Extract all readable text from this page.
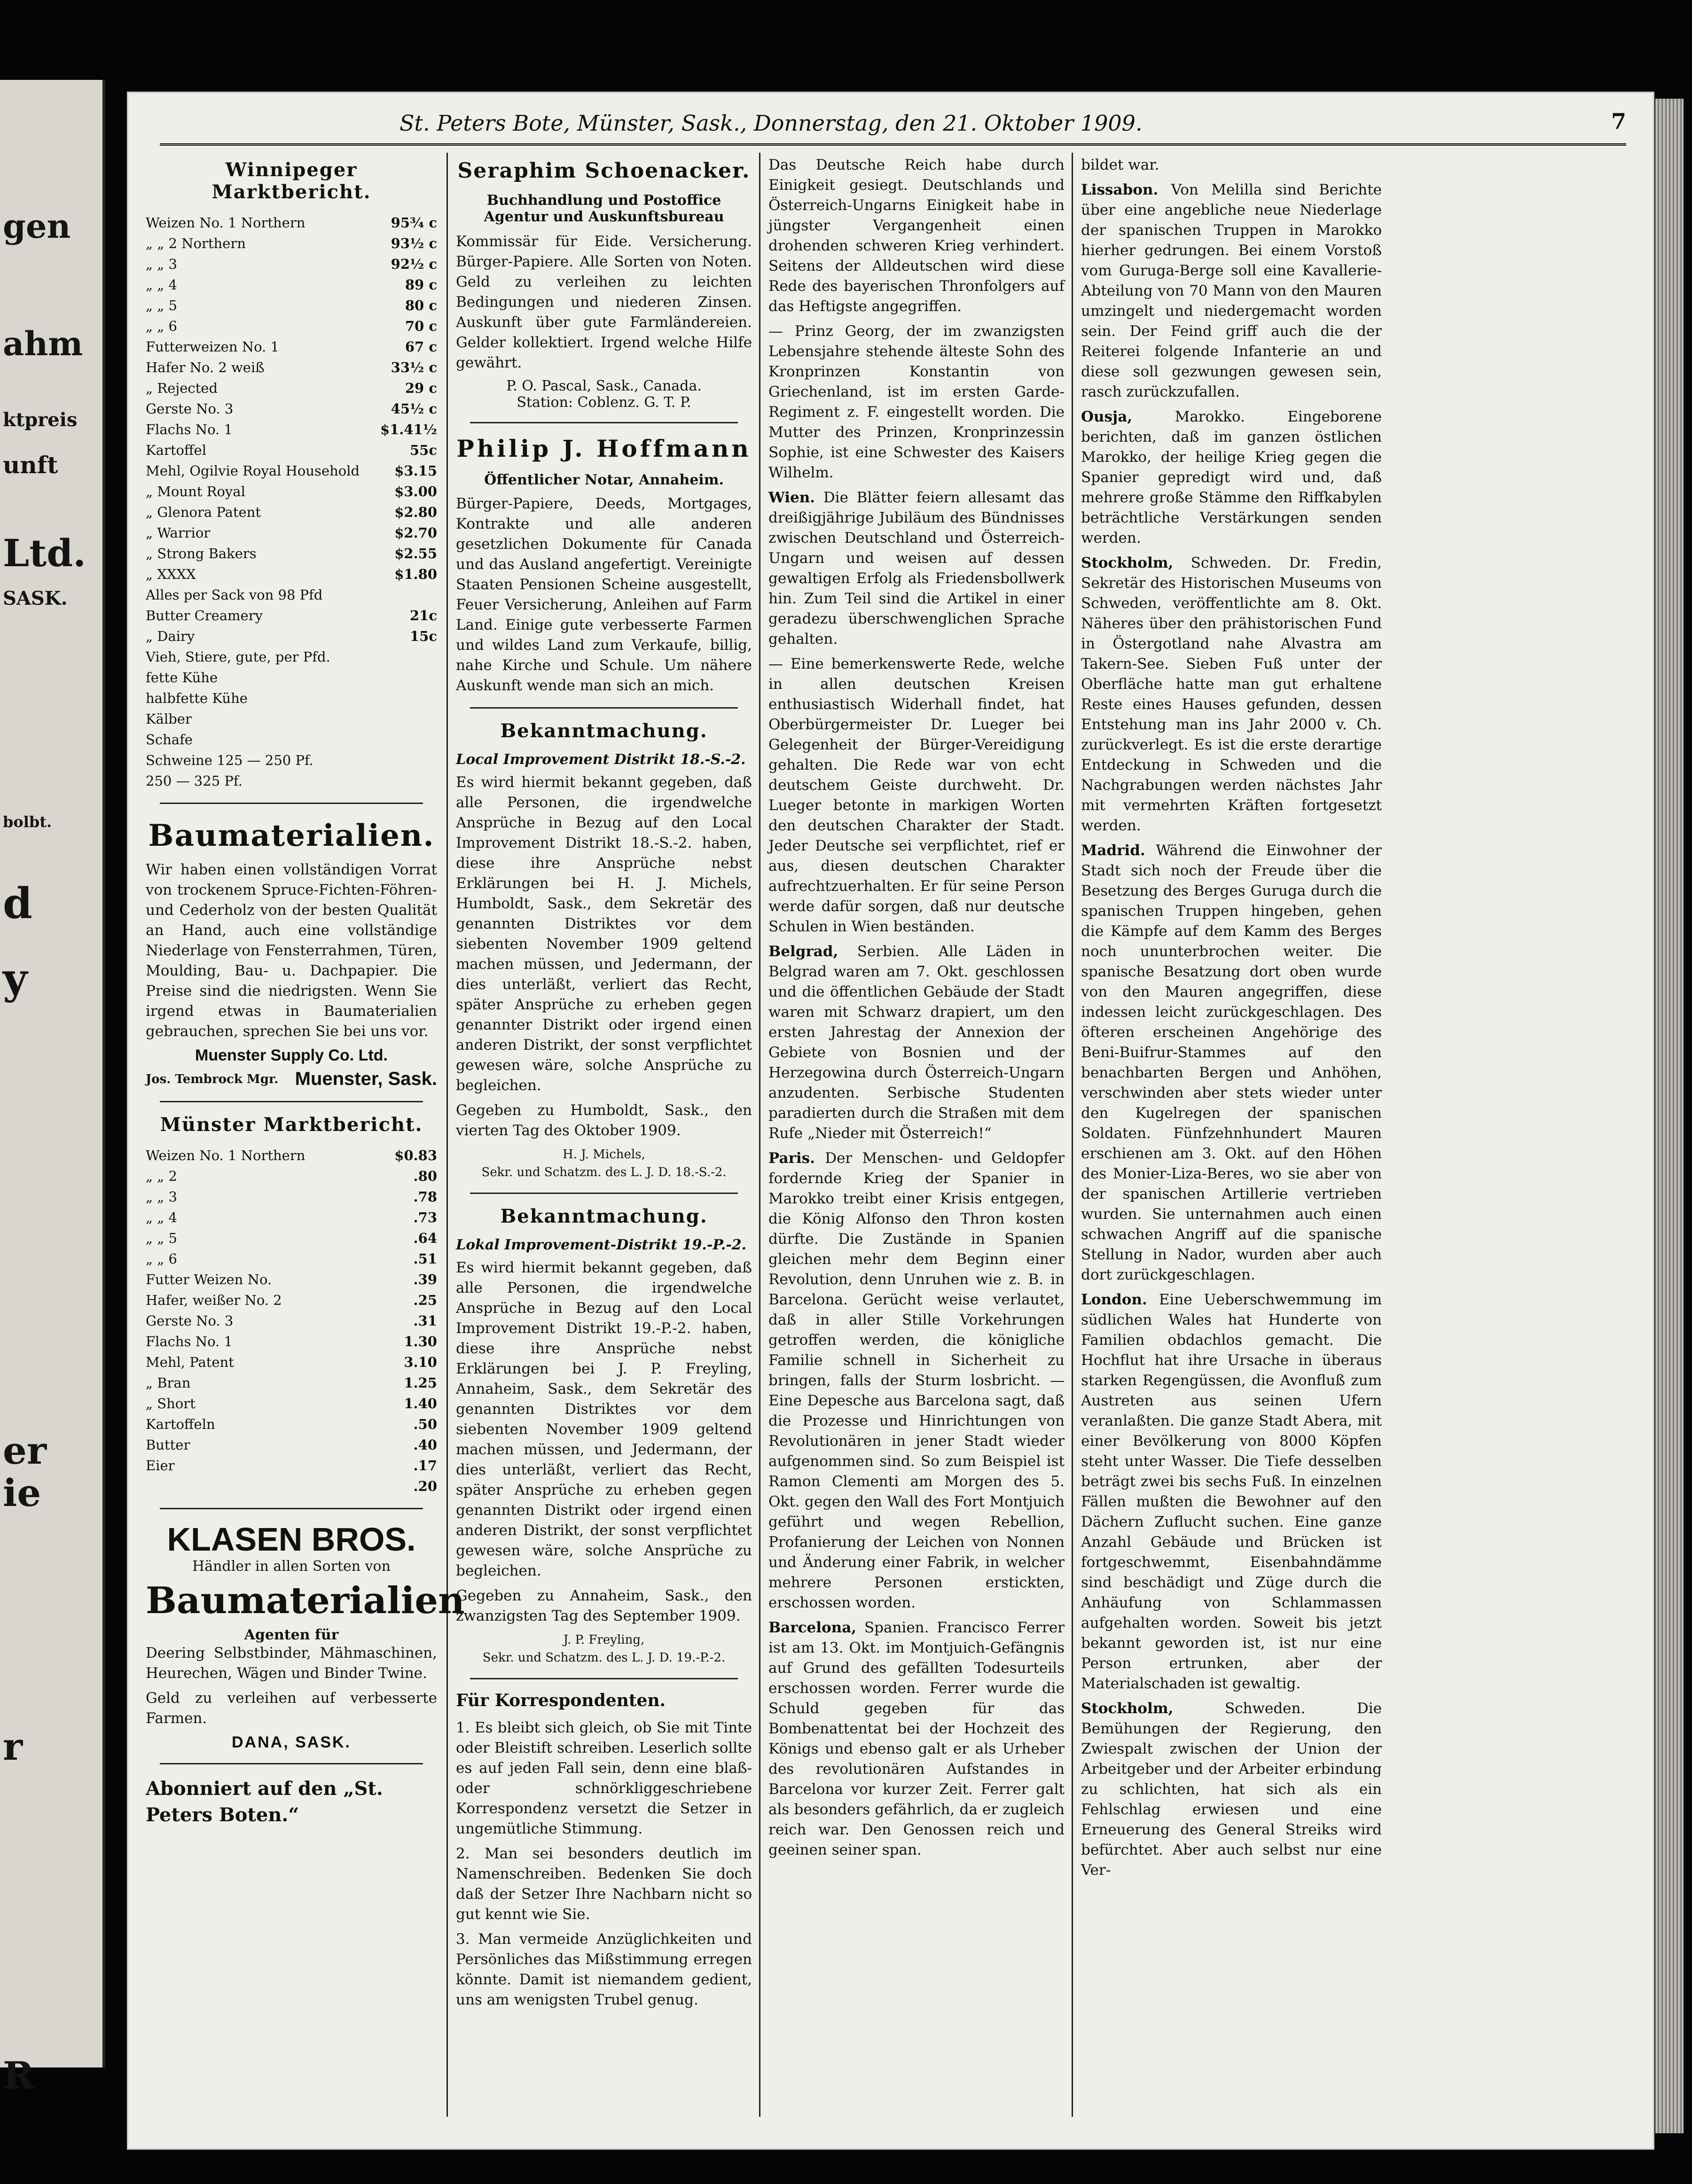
gen
ahm
ktpreis
unft
Ltd.
SASK.
bolbt.
d
y
er
ie
r
R
St. Peters Bote, Münster, Sask., Donnerstag, den 21. Oktober 1909.	7
Winnipeger Marktbericht.
Weizen No. 1 Northern	95¾ c
„ „ 2 Northern	93½ c
„ „ 3	92½ c
„ „ 4	89 c
„ „ 5	80 c
„ „ 6	70 c
Futterweizen No. 1	67 c
Hafer No. 2 weiß	33½ c
„ Rejected	29 c
Gerste No. 3	45½ c
Flachs No. 1	$1.41½
Kartoffel	55c
Mehl, Ogilvie Royal Household	$3.15
„ Mount Royal	$3.00
„ Glenora Patent	$2.80
„ Warrior	$2.70
„ Strong Bakers	$2.55
„ XXXX	$1.80
Alles per Sack von 98 Pfd
Butter Creamery	21c
„ Dairy	15c
Vieh, Stiere, gute, per Pfd.
fette Kühe
halbfette Kühe
Kälber
Schafe
Schweine 125 — 250 Pf.
250 — 325 Pf.
Baumaterialien.

Wir haben einen vollständigen Vorrat von trockenem Spruce-Fichten-Föhren- und Cederholz von der besten Qualität an Hand, auch eine vollständige Niederlage von Fensterrahmen, Türen, Moulding, Bau- u. Dachpapier. Die Preise sind die niedrigsten. Wenn Sie irgend etwas in Baumaterialien gebrauchen, sprechen Sie bei uns vor.

Muenster Supply Co. Ltd.
Jos. Tembrock Mgr. Muenster, Sask.
Münster Marktbericht.
Weizen No. 1 Northern	$0.83
„ „ 2	.80
„ „ 3	.78
„ „ 4	.73
„ „ 5	.64
„ „ 6	.51
Futter Weizen No.	.39
Hafer, weißer No. 2	.25
Gerste No. 3	.31
Flachs No. 1	1.30
Mehl, Patent	3.10
„ Bran	1.25
„ Short	1.40
Kartoffeln	.50
Butter	.40
Eier	.17
.20
KLASEN BROS.
Händler in allen Sorten von
Baumaterialien
Agenten für

Deering Selbstbinder, Mähmaschinen, Heurechen, Wägen und Binder Twine.

Geld zu verleihen auf verbesserte Farmen.

DANA, SASK.
Abonniert auf den „St. Peters Boten.“
Seraphim Schoenacker.
Buchhandlung und Postoffice
Agentur und Auskunftsbureau

Kommissär für Eide. Versicherung. Bürger-Papiere. Alle Sorten von Noten. Geld zu verleihen zu leichten Bedingungen und niederen Zinsen. Auskunft über gute Farmländereien. Gelder kollektiert. Irgend welche Hilfe gewährt.

P. O. Pascal, Sask., Canada.
Station: Coblenz. G. T. P.
Philip J. Hoffmann
Öffentlicher Notar, Annaheim.

Bürger-Papiere, Deeds, Mortgages, Kontrakte und alle anderen gesetzlichen Dokumente für Canada und das Ausland angefertigt. Vereinigte Staaten Pensionen Scheine ausgestellt, Feuer Versicherung, Anleihen auf Farm Land. Einige gute verbesserte Farmen und wildes Land zum Verkaufe, billig, nahe Kirche und Schule. Um nähere Auskunft wende man sich an mich.

Bekanntmachung.
Local Improvement Distrikt 18.-S.-2.

Es wird hiermit bekannt gegeben, daß alle Personen, die irgendwelche Ansprüche in Bezug auf den Local Improvement Distrikt 18.-S.-2. haben, diese ihre Ansprüche nebst Erklärungen bei H. J. Michels, Humboldt, Sask., dem Sekretär des genannten Distriktes vor dem siebenten November 1909 geltend machen müssen, und Jedermann, der dies unterläßt, verliert das Recht, später Ansprüche zu erheben gegen genannter Distrikt oder irgend einen anderen Distrikt, der sonst verpflichtet gewesen wäre, solche Ansprüche zu begleichen.

Gegeben zu Humboldt, Sask., den vierten Tag des Oktober 1909.

H. J. Michels,
Sekr. und Schatzm. des L. J. D. 18.-S.-2.
Bekanntmachung.
Lokal Improvement-Distrikt 19.-P.-2.

Es wird hiermit bekannt gegeben, daß alle Personen, die irgendwelche Ansprüche in Bezug auf den Local Improvement Distrikt 19.-P.-2. haben, diese ihre Ansprüche nebst Erklärungen bei J. P. Freyling, Annaheim, Sask., dem Sekretär des genannten Distriktes vor dem siebenten November 1909 geltend machen müssen, und Jedermann, der dies unterläßt, verliert das Recht, später Ansprüche zu erheben gegen genannten Distrikt oder irgend einen anderen Distrikt, der sonst verpflichtet gewesen wäre, solche Ansprüche zu begleichen.

Gegeben zu Annaheim, Sask., den zwanzigsten Tag des September 1909.

J. P. Freyling,
Sekr. und Schatzm. des L. J. D. 19.-P.-2.
Für Korrespondenten.

1. Es bleibt sich gleich, ob Sie mit Tinte oder Bleistift schreiben. Leserlich sollte es auf jeden Fall sein, denn eine blaß- oder schnörkliggeschriebene Korrespondenz versetzt die Setzer in ungemütliche Stimmung.

2. Man sei besonders deutlich im Namenschreiben. Bedenken Sie doch daß der Setzer Ihre Nachbarn nicht so gut kennt wie Sie.

3. Man vermeide Anzüglichkeiten und Persönliches das Mißstimmung erregen könnte. Damit ist niemandem gedient, uns am wenigsten Trubel genug.

Das Deutsche Reich habe durch Einigkeit gesiegt. Deutschlands und Österreich-Ungarns Einigkeit habe in jüngster Vergangenheit einen drohenden schweren Krieg verhindert. Seitens der Alldeutschen wird diese Rede des bayerischen Thronfolgers auf das Heftigste angegriffen.

— Prinz Georg, der im zwanzigsten Lebensjahre stehende älteste Sohn des Kronprinzen Konstantin von Griechenland, ist im ersten Garde-Regiment z. F. eingestellt worden. Die Mutter des Prinzen, Kronprinzessin Sophie, ist eine Schwester des Kaisers Wilhelm.

Wien. Die Blätter feiern allesamt das dreißigjährige Jubiläum des Bündnisses zwischen Deutschland und Österreich-Ungarn und weisen auf dessen gewaltigen Erfolg als Friedensbollwerk hin. Zum Teil sind die Artikel in einer geradezu überschwenglichen Sprache gehalten.

— Eine bemerkenswerte Rede, welche in allen deutschen Kreisen enthusiastisch Widerhall findet, hat Oberbürgermeister Dr. Lueger bei Gelegenheit der Bürger-Vereidigung gehalten. Die Rede war von echt deutschem Geiste durchweht. Dr. Lueger betonte in markigen Worten den deutschen Charakter der Stadt. Jeder Deutsche sei verpflichtet, rief er aus, diesen deutschen Charakter aufrechtzuerhalten. Er für seine Person werde dafür sorgen, daß nur deutsche Schulen in Wien beständen.

Belgrad, Serbien. Alle Läden in Belgrad waren am 7. Okt. geschlossen und die öffentlichen Gebäude der Stadt waren mit Schwarz drapiert, um den ersten Jahrestag der Annexion der Gebiete von Bosnien und der Herzegowina durch Österreich-Ungarn anzudenten. Serbische Studenten paradierten durch die Straßen mit dem Rufe „Nieder mit Österreich!“

Paris. Der Menschen- und Geldopfer fordernde Krieg der Spanier in Marokko treibt einer Krisis entgegen, die König Alfonso den Thron kosten dürfte. Die Zustände in Spanien gleichen mehr dem Beginn einer Revolution, denn Unruhen wie z. B. in Barcelona. Gerücht weise verlautet, daß in aller Stille Vorkehrungen getroffen werden, die königliche Familie schnell in Sicherheit zu bringen, falls der Sturm losbricht. — Eine Depesche aus Barcelona sagt, daß die Prozesse und Hinrichtungen von Revolutionären in jener Stadt wieder aufgenommen sind. So zum Beispiel ist Ramon Clementi am Morgen des 5. Okt. gegen den Wall des Fort Montjuich geführt und wegen Rebellion, Profanierung der Leichen von Nonnen und Änderung einer Fabrik, in welcher mehrere Personen erstickten, erschossen worden.

Barcelona, Spanien. Francisco Ferrer ist am 13. Okt. im Montjuich-Gefängnis auf Grund des gefällten Todesurteils erschossen worden. Ferrer wurde die Schuld gegeben für das Bombenattentat bei der Hochzeit des Königs und ebenso galt er als Urheber des revolutionären Aufstandes in Barcelona vor kurzer Zeit. Ferrer galt als besonders gefährlich, da er zugleich reich war. Den Genossen reich und geeinen seiner span.

bildet war.

Lissabon. Von Melilla sind Berichte über eine angebliche neue Niederlage der spanischen Truppen in Marokko hierher gedrungen. Bei einem Vorstoß vom Guruga-Berge soll eine Kavallerie-Abteilung von 70 Mann von den Mauren umzingelt und niedergemacht worden sein. Der Feind griff auch die der Reiterei folgende Infanterie an und diese soll gezwungen gewesen sein, rasch zurückzufallen.

Ousja,	Marokko. Eingeborene berichten, daß im ganzen östlichen Marokko, der heilige Krieg gegen die Spanier gepredigt wird und, daß mehrere große Stämme den Riffkabylen beträchtliche Verstärkungen senden werden.

Stockholm, Schweden. Dr. Fredin, Sekretär des Historischen Museums von Schweden, veröffentlichte am 8. Okt. Näheres über den prähistorischen Fund in Östergotland nahe Alvastra am Takern-See. Sieben Fuß unter der Oberfläche hatte man gut erhaltene Reste eines Hauses gefunden, dessen Entstehung man ins Jahr 2000 v. Ch. zurückverlegt. Es ist die erste derartige Entdeckung in Schweden und die Nachgrabungen werden nächstes Jahr mit vermehrten Kräften fortgesetzt werden.

Madrid. Während die Einwohner der Stadt sich noch der Freude über die Besetzung des Berges Guruga durch die spanischen Truppen hingeben, gehen die Kämpfe auf dem Kamm des Berges noch ununterbrochen weiter. Die spanische Besatzung dort oben wurde von den Mauren angegriffen, diese indessen leicht zurückgeschlagen. Des öfteren erscheinen Angehörige des Beni-Buifrur-Stammes auf den benachbarten Bergen und Anhöhen, verschwinden aber stets wieder unter den Kugelregen der spanischen Soldaten. Fünfzehnhundert Mauren erschienen am 3. Okt. auf den Höhen des Monier-Liza-Beres, wo sie aber von der spanischen Artillerie vertrieben wurden. Sie unternahmen auch einen schwachen Angriff auf die spanische Stellung in Nador, wurden aber auch dort zurückgeschlagen.

London. Eine Ueberschwemmung im südlichen Wales hat Hunderte von Familien obdachlos gemacht. Die Hochflut hat ihre Ursache in überaus starken Regengüssen, die Avonfluß zum Austreten aus seinen Ufern veranlaßten. Die ganze Stadt Abera, mit einer Bevölkerung von 8000 Köpfen steht unter Wasser. Die Tiefe desselben beträgt zwei bis sechs Fuß. In einzelnen Fällen mußten die Bewohner auf den Dächern Zuflucht suchen. Eine ganze Anzahl Gebäude und Brücken ist fortgeschwemmt, Eisenbahndämme sind beschädigt und Züge durch die Anhäufung von Schlammassen aufgehalten worden. Soweit bis jetzt bekannt geworden ist, ist nur eine Person ertrunken, aber der Materialschaden ist gewaltig.

Stockholm,	Schweden. Die Bemühungen der Regierung, den Zwiespalt zwischen der Union der Arbeitgeber und der Arbeiter erbindung zu schlichten, hat sich als ein Fehlschlag erwiesen und eine Erneuerung des General Streiks wird befürchtet. Aber auch selbst nur eine Ver-
